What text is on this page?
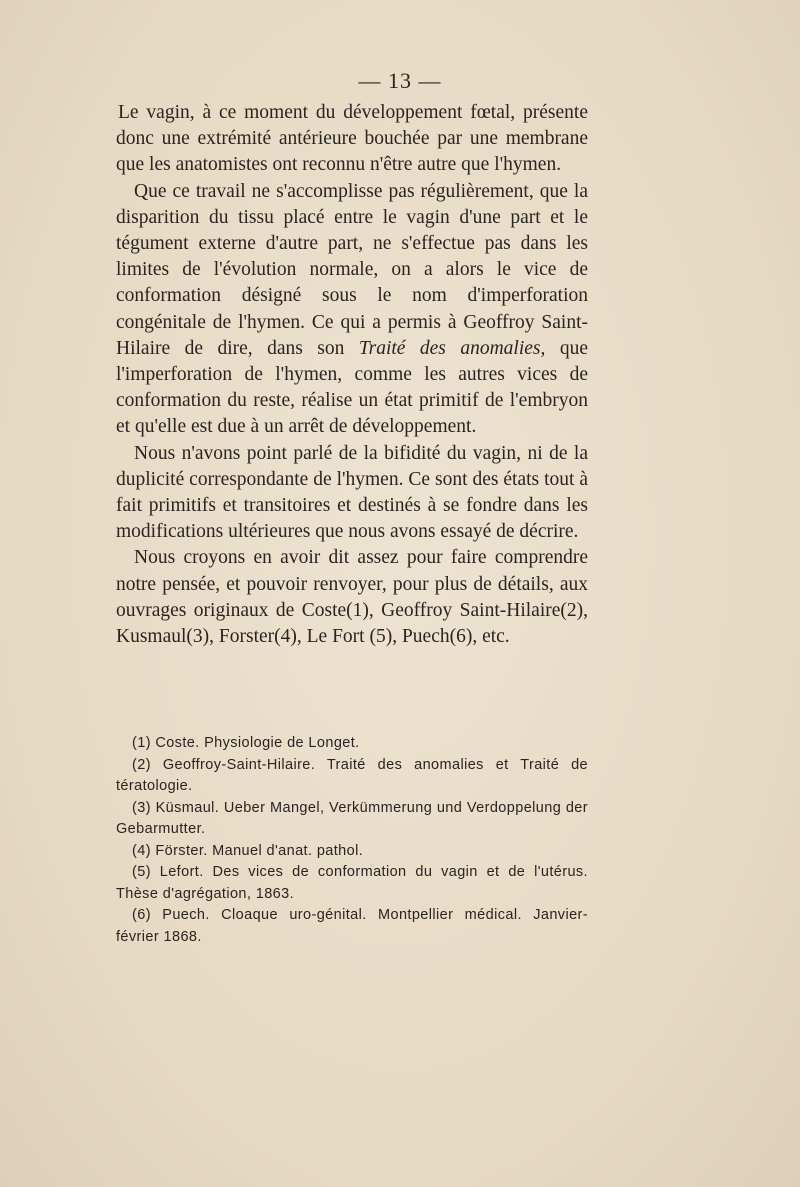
— 13 —

Le vagin, à ce moment du développement fœtal, présente donc une extrémité antérieure bouchée par une membrane que les anatomistes ont reconnu n'être autre que l'hymen.

Que ce travail ne s'accomplisse pas régulièrement, que la disparition du tissu placé entre le vagin d'une part et le tégument externe d'autre part, ne s'effectue pas dans les limites de l'évolution normale, on a alors le vice de conformation désigné sous le nom d'imperforation congénitale de l'hymen. Ce qui a permis à Geoffroy Saint-Hilaire de dire, dans son Traité des anomalies, que l'imperforation de l'hymen, comme les autres vices de conformation du reste, réalise un état primitif de l'embryon et qu'elle est due à un arrêt de développement.

Nous n'avons point parlé de la bifidité du vagin, ni de la duplicité correspondante de l'hymen. Ce sont des états tout à fait primitifs et transitoires et destinés à se fondre dans les modifications ultérieures que nous avons essayé de décrire.

Nous croyons en avoir dit assez pour faire comprendre notre pensée, et pouvoir renvoyer, pour plus de détails, aux ouvrages originaux de Coste(1), Geoffroy Saint-Hilaire(2), Kusmaul(3), Forster(4), Le Fort (5), Puech(6), etc.

(1) Coste. Physiologie de Longet.

(2) Geoffroy-Saint-Hilaire. Traité des anomalies et Traité de tératologie.

(3) Küsmaul. Ueber Mangel, Verkümmerung und Verdoppelung der Gebarmutter.

(4) Förster. Manuel d'anat. pathol.

(5) Lefort. Des vices de conformation du vagin et de l'utérus. Thèse d'agrégation, 1863.

(6) Puech. Cloaque uro-génital. Montpellier médical. Janvier-février 1868.
